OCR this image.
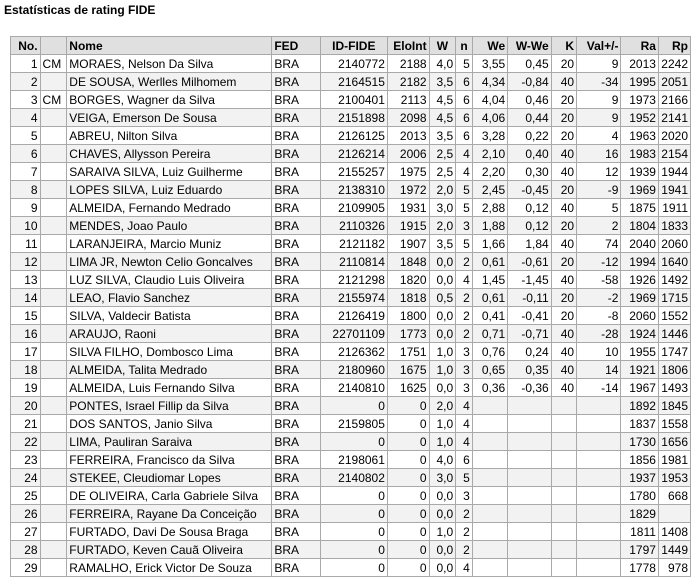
Estatísticas de rating FIDE
No.		Nome	FED	ID-FIDE	EloInt	W	n	We	W-We	K	Val+/-	Ra	Rp
1	CM	MORAES, Nelson Da Silva	BRA	2140772	2188	4,0	5	3,55	0,45	20	9	2013	2242
2		DE SOUSA, Werlles Milhomem	BRA	2164515	2182	3,5	6	4,34	-0,84	40	-34	1995	2051
3	CM	BORGES, Wagner da Silva	BRA	2100401	2113	4,5	6	4,04	0,46	20	9	1973	2166
4		VEIGA, Emerson De Sousa	BRA	2151898	2098	4,5	6	4,06	0,44	20	9	1952	2141
5		ABREU, Nilton Silva	BRA	2126125	2013	3,5	6	3,28	0,22	20	4	1963	2020
6		CHAVES, Allysson Pereira	BRA	2126214	2006	2,5	4	2,10	0,40	40	16	1983	2154
7		SARAIVA SILVA, Luiz Guilherme	BRA	2155257	1975	2,5	4	2,20	0,30	40	12	1939	1944
8		LOPES SILVA, Luiz Eduardo	BRA	2138310	1972	2,0	5	2,45	-0,45	20	-9	1969	1941
9		ALMEIDA, Fernando Medrado	BRA	2109905	1931	3,0	5	2,88	0,12	40	5	1875	1911
10		MENDES, Joao Paulo	BRA	2110326	1915	2,0	3	1,88	0,12	20	2	1804	1833
11		LARANJEIRA, Marcio Muniz	BRA	2121182	1907	3,5	5	1,66	1,84	40	74	2040	2060
12		LIMA JR, Newton Celio Goncalves	BRA	2110814	1848	0,0	2	0,61	-0,61	20	-12	1994	1640
13		LUZ SILVA, Claudio Luis Oliveira	BRA	2121298	1820	0,0	4	1,45	-1,45	40	-58	1926	1492
14		LEAO, Flavio Sanchez	BRA	2155974	1818	0,5	2	0,61	-0,11	20	-2	1969	1715
15		SILVA, Valdecir Batista	BRA	2126419	1800	0,0	2	0,41	-0,41	20	-8	2060	1552
16		ARAUJO, Raoni	BRA	22701109	1773	0,0	2	0,71	-0,71	40	-28	1924	1446
17		SILVA FILHO, Dombosco Lima	BRA	2126362	1751	1,0	3	0,76	0,24	40	10	1955	1747
18		ALMEIDA, Talita Medrado	BRA	2180960	1675	1,0	3	0,65	0,35	40	14	1921	1806
19		ALMEIDA, Luis Fernando Silva	BRA	2140810	1625	0,0	3	0,36	-0,36	40	-14	1967	1493
20		PONTES, Israel Fillip da Silva	BRA	0	0	2,0	4					1892	1845
21		DOS SANTOS, Janio Silva	BRA	2159805	0	1,0	4					1837	1558
22		LIMA, Pauliran Saraiva	BRA	0	0	1,0	4					1730	1656
23		FERREIRA, Francisco da Silva	BRA	2198061	0	4,0	6					1856	1981
24		STEKEE, Cleudiomar Lopes	BRA	2140802	0	3,0	5					1937	1953
25		DE OLIVEIRA, Carla Gabriele Silva	BRA	0	0	0,0	3					1780	668
26		FERREIRA, Rayane Da Conceição	BRA	0	0	0,0	2					1829	
27		FURTADO, Davi De Sousa Braga	BRA	0	0	1,0	2					1811	1408
28		FURTADO, Keven Cauã Oliveira	BRA	0	0	0,0	2					1797	1449
29		RAMALHO, Erick Victor De Souza	BRA	0	0	0,0	4					1778	978
